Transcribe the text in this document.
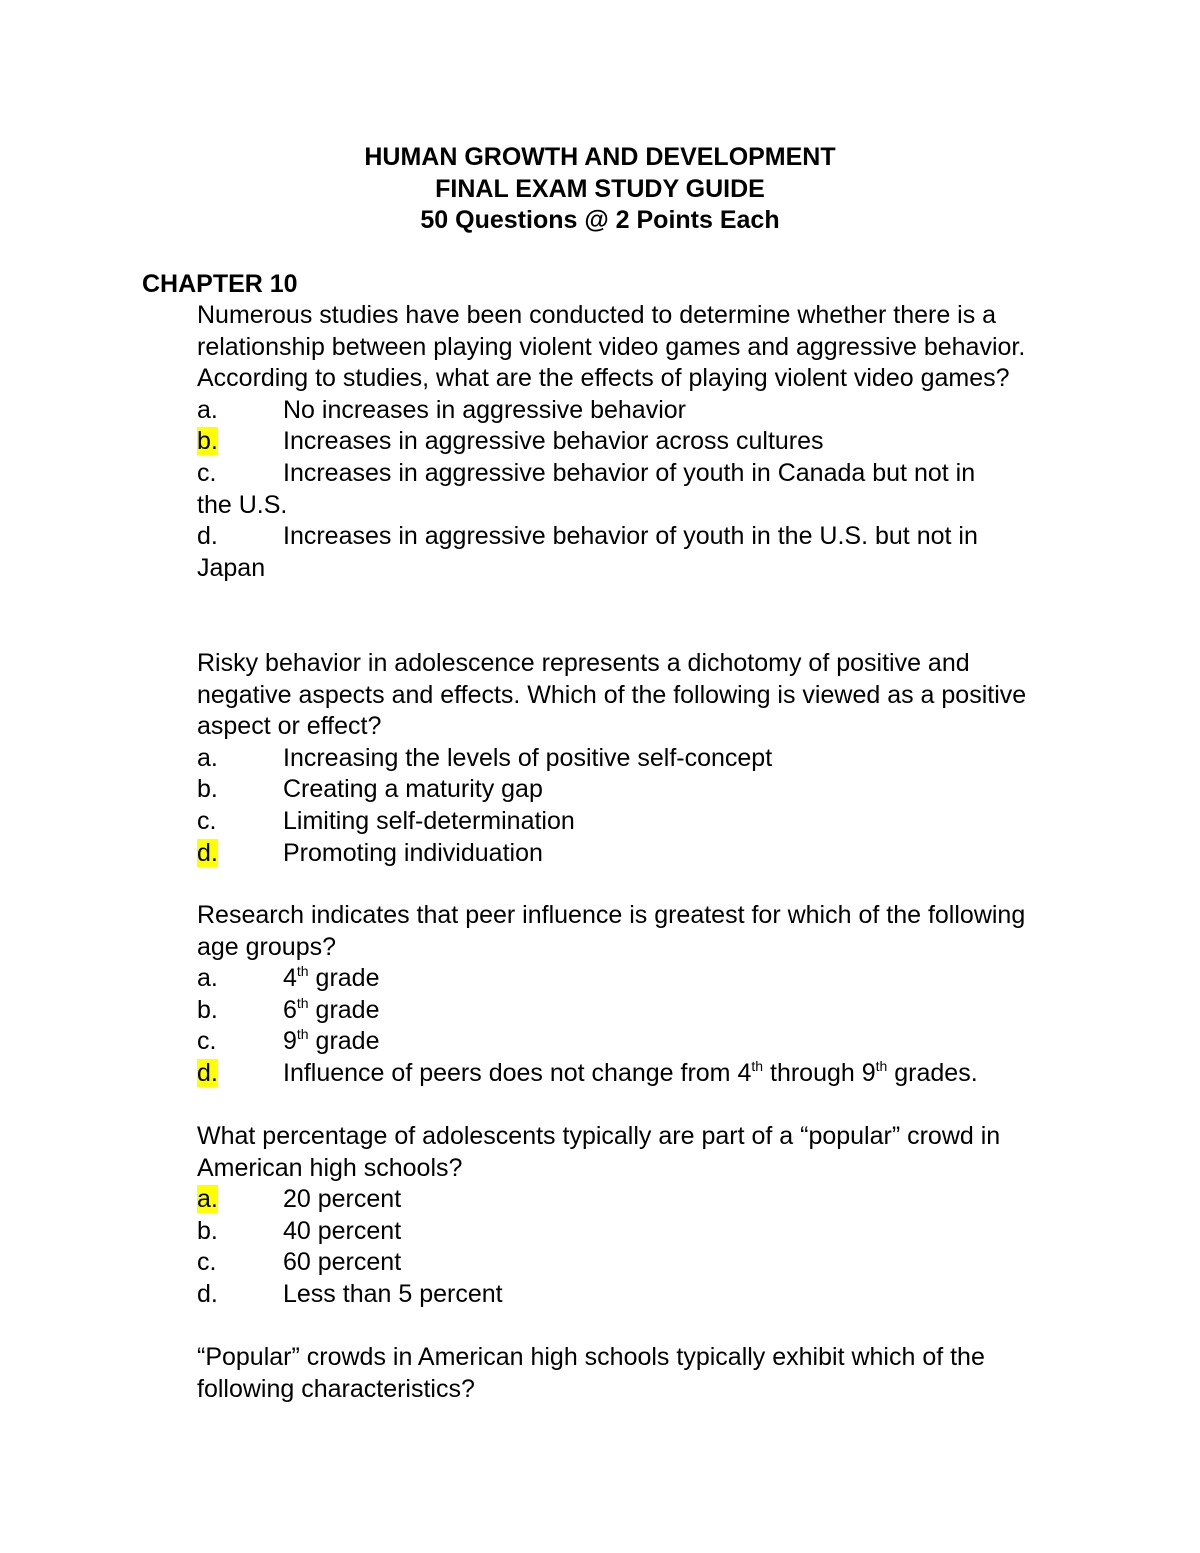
HUMAN GROWTH AND DEVELOPMENT
FINAL EXAM STUDY GUIDE
50 Questions @ 2 Points Each
CHAPTER 10

Numerous studies have been conducted to determine whether there is a relationship between playing violent video games and aggressive behavior. According to studies, what are the effects of playing violent video games?

a.	No increases in aggressive behavior
b.	Increases in aggressive behavior across cultures
c.	Increases in aggressive behavior of youth in Canada but not in
the U.S.
d.	Increases in aggressive behavior of youth in the U.S. but not in
Japan

Risky behavior in adolescence represents a dichotomy of positive and negative aspects and effects. Which of the following is viewed as a positive aspect or effect?

a.	Increasing the levels of positive self-concept
b.	Creating a maturity gap
c.	Limiting self-determination
d.	Promoting individuation

Research indicates that peer influence is greatest for which of the following age groups?

a.	4th grade
b.	6th grade
c.	9th grade
d.	Influence of peers does not change from 4th through 9th grades.

What percentage of adolescents typically are part of a “popular” crowd in American high schools?

a.	20 percent
b.	40 percent
c.	60 percent
d.	Less than 5 percent

“Popular” crowds in American high schools typically exhibit which of the following characteristics?
